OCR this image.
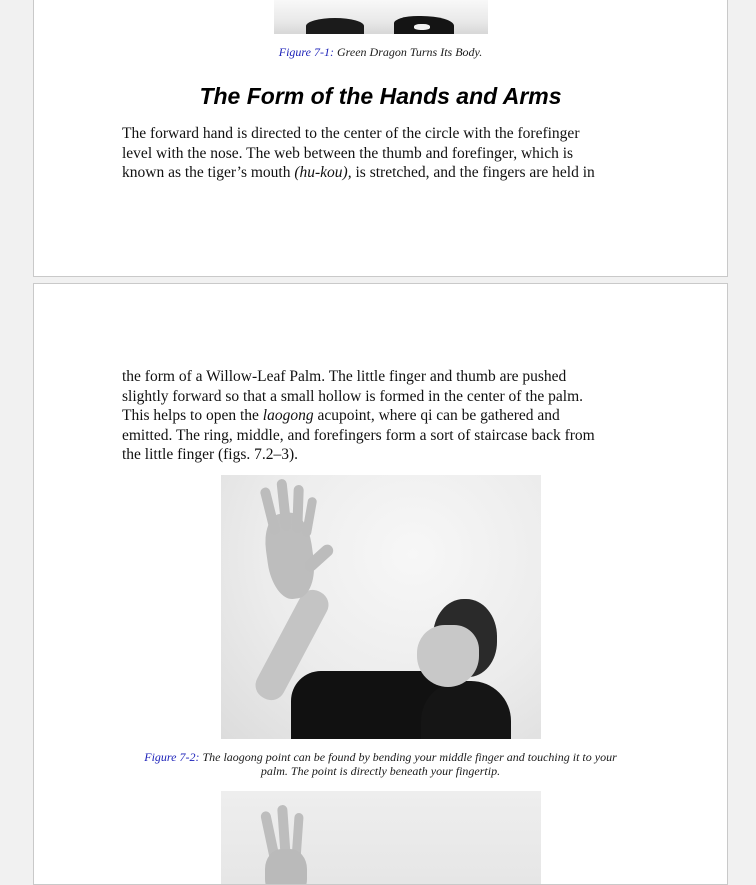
Figure 7-1: Green Dragon Turns Its Body.
The Form of the Hands and Arms
The forward hand is directed to the center of the circle with the forefinger
level with the nose. The web between the thumb and forefinger, which is
known as the tiger’s mouth (hu-kou), is stretched, and the fingers are held in
the form of a Willow-Leaf Palm. The little finger and thumb are pushed
slightly forward so that a small hollow is formed in the center of the palm.
This helps to open the laogong acupoint, where qi can be gathered and
emitted. The ring, middle, and forefingers form a sort of staircase back from
the little finger (figs. 7.2–3).
Figure 7-2: The laogong point can be found by bending your middle finger and touching it to your
palm. The point is directly beneath your fingertip.
